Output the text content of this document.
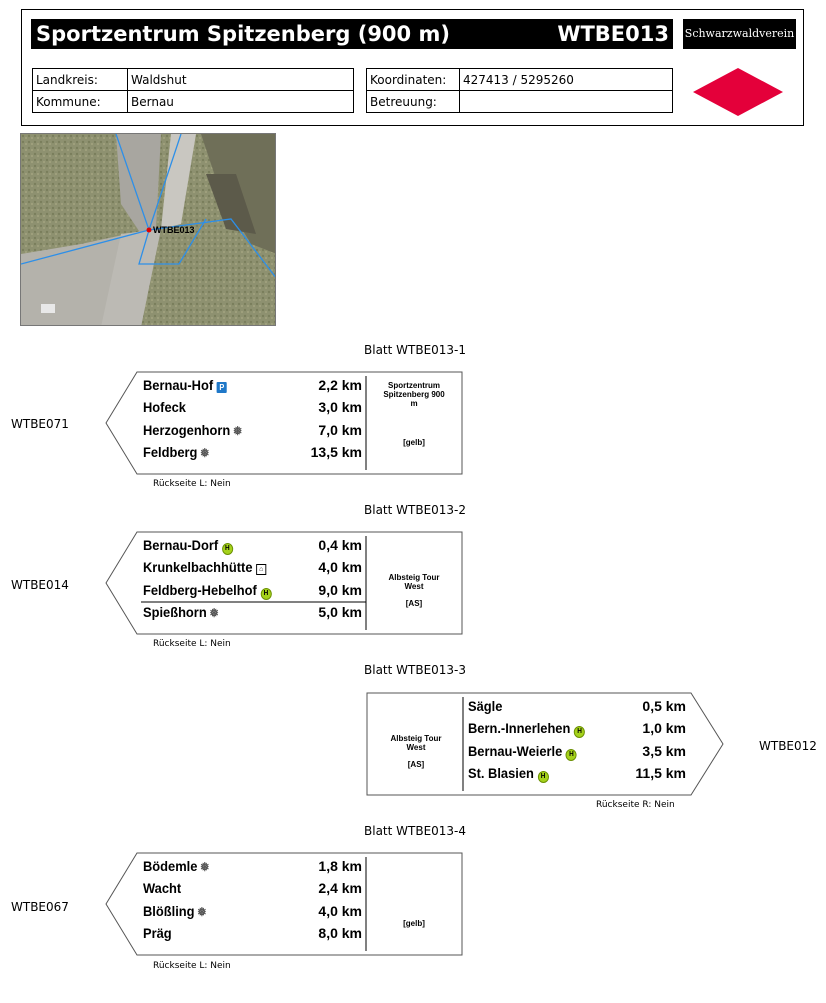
Sportzentrum Spitzenberg (900 m)	WTBE013 Schwarzwaldverein
Landkreis:	Waldshut
Kommune:	Bernau
Koordinaten:	427413 / 5295260
Betreuung:	
WTBE013
Blatt WTBE013-1
WTBE071
Rückseite L: Nein
Bernau-Hof P	2,2 km
Hofeck	3,0 km
Herzogenhorn ❅	7,0 km
Feldberg ❅	13,5 km
Sportzentrum Spitzenberg 900 m
[gelb]
Blatt WTBE013-2
WTBE014
Rückseite L: Nein
Bernau-Dorf H	0,4 km
Krunkelbachhütte ⌂	4,0 km
Feldberg-Hebelhof H	9,0 km
Spießhorn ❅	5,0 km
Albsteig Tour West
[AS]
Blatt WTBE013-3
WTBE012
Rückseite R: Nein
Sägle	0,5 km
Bern.-Innerlehen H	1,0 km
Bernau-Weierle H	3,5 km
St. Blasien H	11,5 km
Albsteig Tour West
[AS]
Blatt WTBE013-4
WTBE067
Rückseite L: Nein
Bödemle ❅	1,8 km
Wacht	2,4 km
Blößling ❅	4,0 km
Präg	8,0 km
[gelb]
